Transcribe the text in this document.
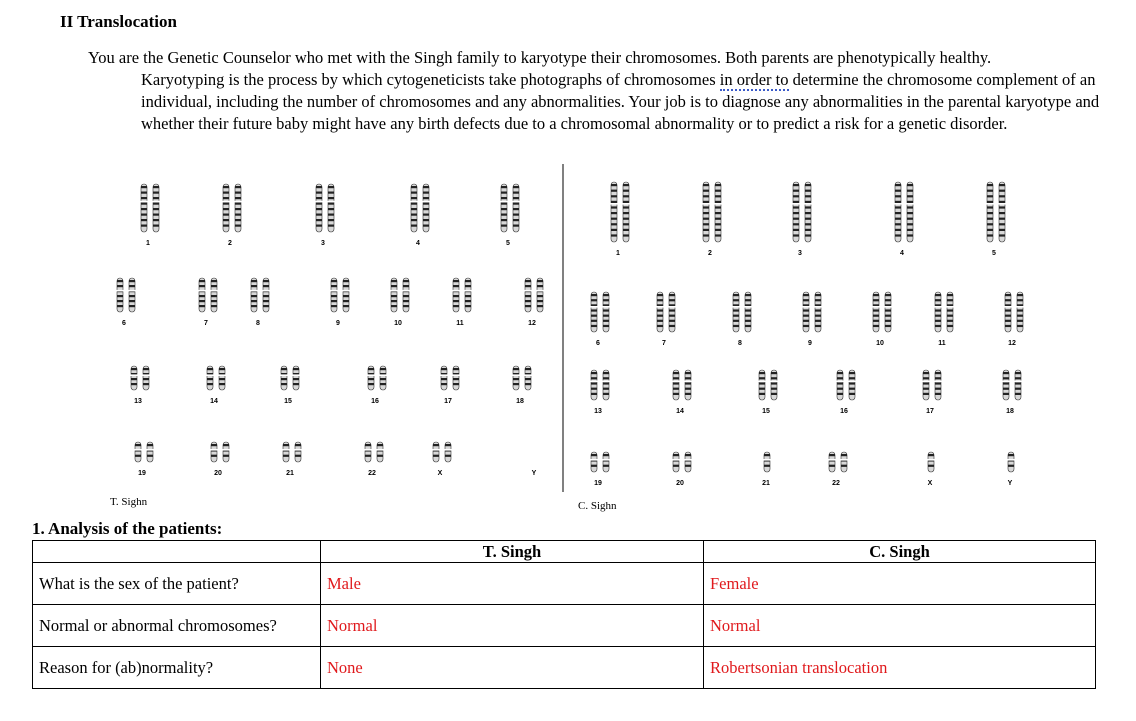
II Translocation
You are the Genetic Counselor who met with the Singh family to karyotype their chromosomes. Both parents are phenotypically healthy.
Karyotyping is the process by which cytogeneticists take photographs of chromosomes in order to determine the chromosome complement of an individual, including the number of chromosomes and any abnormalities. Your job is to diagnose any abnormalities in the parental karyotype and whether their future baby might have any birth defects due to a chromosomal abnormality or to predict a risk for a genetic disorder.
1	2	3	4	5
6	7	8	9	10	11	12
13	14	15	16	17	18
19	20	21	22	X	Y
T. Sighn
1	2	3	4	5
6	7	8	9	10	11	12
13	14	15	16	17	18
19	20	21	22	X	Y
C. Sighn
1. Analysis of the patients:
	T. Singh	C. Singh
What is the sex of the patient?	Male	Female
Normal or abnormal chromosomes?	Normal	Normal
Reason for (ab)normality?	None	Robertsonian translocation
